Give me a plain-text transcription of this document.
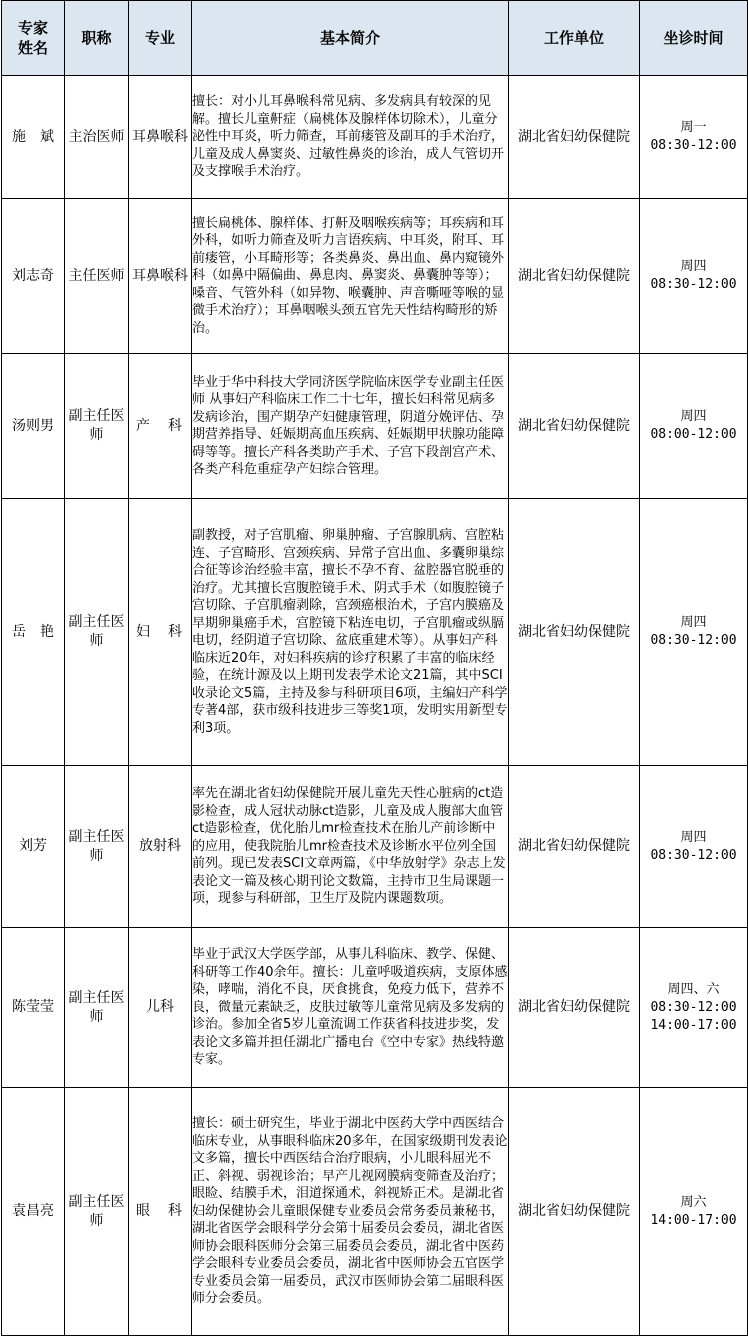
专家
姓名	职称	专业	基本简介	工作单位	坐诊时间
施　斌	主治医师	耳鼻喉科	擅长：对小儿耳鼻喉科常见病、多发病具有较深的见解。擅长儿童鼾症（扁桃体及腺样体切除术），儿童分泌性中耳炎，听力筛查，耳前瘘管及副耳的手术治疗，儿童及成人鼻窦炎、过敏性鼻炎的诊治，成人气管切开及支撑喉手术治疗。	湖北省妇幼保健院	周一
08:30-12:00

刘志奇	主任医师	耳鼻喉科	擅长扁桃体、腺样体、打鼾及咽喉疾病等；耳疾病和耳外科，如听力筛查及听力言语疾病、中耳炎，附耳、耳前瘘管，小耳畸形等；各类鼻炎、鼻出血、鼻内窥镜外科（如鼻中隔偏曲、鼻息肉、鼻窦炎、鼻囊肿等等）；嗓音、气管外科（如异物、喉囊肿、声音嘶哑等喉的显微手术治疗）；耳鼻咽喉头颈五官先天性结构畸形的矫治。	湖北省妇幼保健院	周四
08:30-12:00

汤则男	副主任医师	产　科	毕业于华中科技大学同济医学院临床医学专业副主任医师 从事妇产科临床工作二十七年，擅长妇科常见病多发病诊治，围产期孕产妇健康管理，阴道分娩评估、孕期营养指导、妊娠期高血压疾病、妊娠期甲状腺功能障碍等等。擅长产科各类助产手术、子宫下段剖宫产术、各类产科危重症孕产妇综合管理。	湖北省妇幼保健院	周四
08:00-12:00

岳　艳	副主任医师	妇　科	副教授，对子宫肌瘤、卵巢肿瘤、子宫腺肌病、宫腔粘连、子宫畸形、宫颈疾病、异常子宫出血、多囊卵巢综合征等诊治经验丰富，擅长不孕不育、盆腔器官脱垂的治疗。尤其擅长宫腹腔镜手术、阴式手术（如腹腔镜子宫切除、子宫肌瘤剥除，宫颈癌根治术，子宫内膜癌及早期卵巢癌手术，宫腔镜下粘连电切，子宫肌瘤或纵膈电切，经阴道子宫切除、盆底重建术等）。从事妇产科临床近20年，对妇科疾病的诊疗积累了丰富的临床经验，在统计源及以上期刊发表学术论文21篇，其中SCI收录论文5篇，主持及参与科研项目6项，主编妇产科学专著4部，获市级科技进步三等奖1项，发明实用新型专利3项。	湖北省妇幼保健院	周四
08:30-12:00

刘芳	副主任医师	放射科	率先在湖北省妇幼保健院开展儿童先天性心脏病的ct造影检查，成人冠状动脉ct造影，儿童及成人腹部大血管ct造影检查，优化胎儿mr检查技术在胎儿产前诊断中的应用，使我院胎儿mr检查技术及诊断水平位列全国前列。现已发表SCI文章两篇，《中华放射学》杂志上发表论文一篇及核心期刊论文数篇，主持市卫生局课题一项，现参与科研部，卫生厅及院内课题数项。	湖北省妇幼保健院	周四
08:30-12:00

陈莹莹	副主任医师	儿科	毕业于武汉大学医学部，从事儿科临床、教学、保健、科研等工作40余年。擅长：儿童呼吸道疾病，支原体感染，哮喘，消化不良，厌食挑食，免疫力低下，营养不良，微量元素缺乏，皮肤过敏等儿童常见病及多发病的诊治。参加全省5岁儿童流调工作获省科技进步奖，发表论文多篇并担任湖北广播电台《空中专家》热线特邀专家。	湖北省妇幼保健院	周四、六
08:30-12:00
14:00-17:00

袁昌亮	副主任医师	眼　科	擅长：硕士研究生，毕业于湖北中医药大学中西医结合临床专业，从事眼科临床20多年，在国家级期刊发表论文多篇，擅长中西医结合治疗眼病，小儿眼科屈光不正、斜视、弱视诊治；早产儿视网膜病变筛查及治疗；眼睑、结膜手术，泪道探通术，斜视矫正术。是湖北省妇幼保健协会儿童眼保健专业委员会常务委员兼秘书，湖北省医学会眼科学分会第十届委员会委员，湖北省医师协会眼科医师分会第三届委员会委员，湖北省中医药学会眼科专业委员会委员，湖北省中医师协会五官医学专业委员会第一届委员，武汉市医师协会第二届眼科医师分会委员。	湖北省妇幼保健院	周六
14:00-17:00
